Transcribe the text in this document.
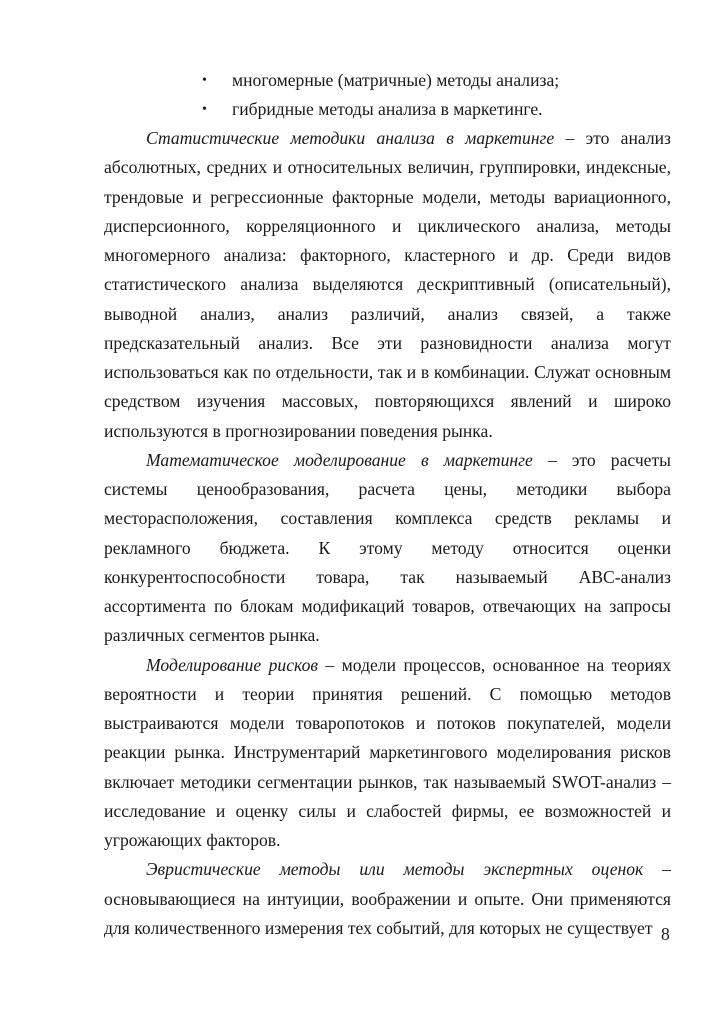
• многомерные (матричные) методы анализа;
• гибридные методы анализа в маркетинге.

Статистические методики анализа в маркетинге – это анализ абсолютных, средних и относительных величин, группировки, индексные, трендовые и регрессионные факторные модели, методы вариационного, дисперсионного, корреляционного и циклического анализа, методы многомерного анализа: факторного, кластерного и др. Среди видов статистического анализа выделяются дескриптивный (описательный), выводной анализ, анализ различий, анализ связей, а также предсказательный анализ. Все эти разновидности анализа могут использоваться как по отдельности, так и в комбинации. Служат основным средством изучения массовых, повторяющихся явлений и широко используются в прогнозировании поведения рынка.

Математическое моделирование в маркетинге – это расчеты системы ценообразования, расчета цены, методики выбора месторасположения, составления комплекса средств рекламы и рекламного бюджета. К этому методу относится оценки конкурентоспособности товара, так называемый АВС-анализ ассортимента по блокам модификаций товаров, отвечающих на запросы различных сегментов рынка.

Моделирование рисков – модели процессов, основанное на теориях вероятности и теории принятия решений. С помощью методов выстраиваются модели товаропотоков и потоков покупателей, модели реакции рынка. Инструментарий маркетингового моделирования рисков включает методики сегментации рынков, так называемый SWOT-анализ – исследование и оценку силы и слабостей фирмы, ее возможностей и угрожающих факторов.

Эвристические методы или методы экспертных оценок – основывающиеся на интуиции, воображении и опыте. Они применяются для количественного измерения тех событий, для которых не существует 8
